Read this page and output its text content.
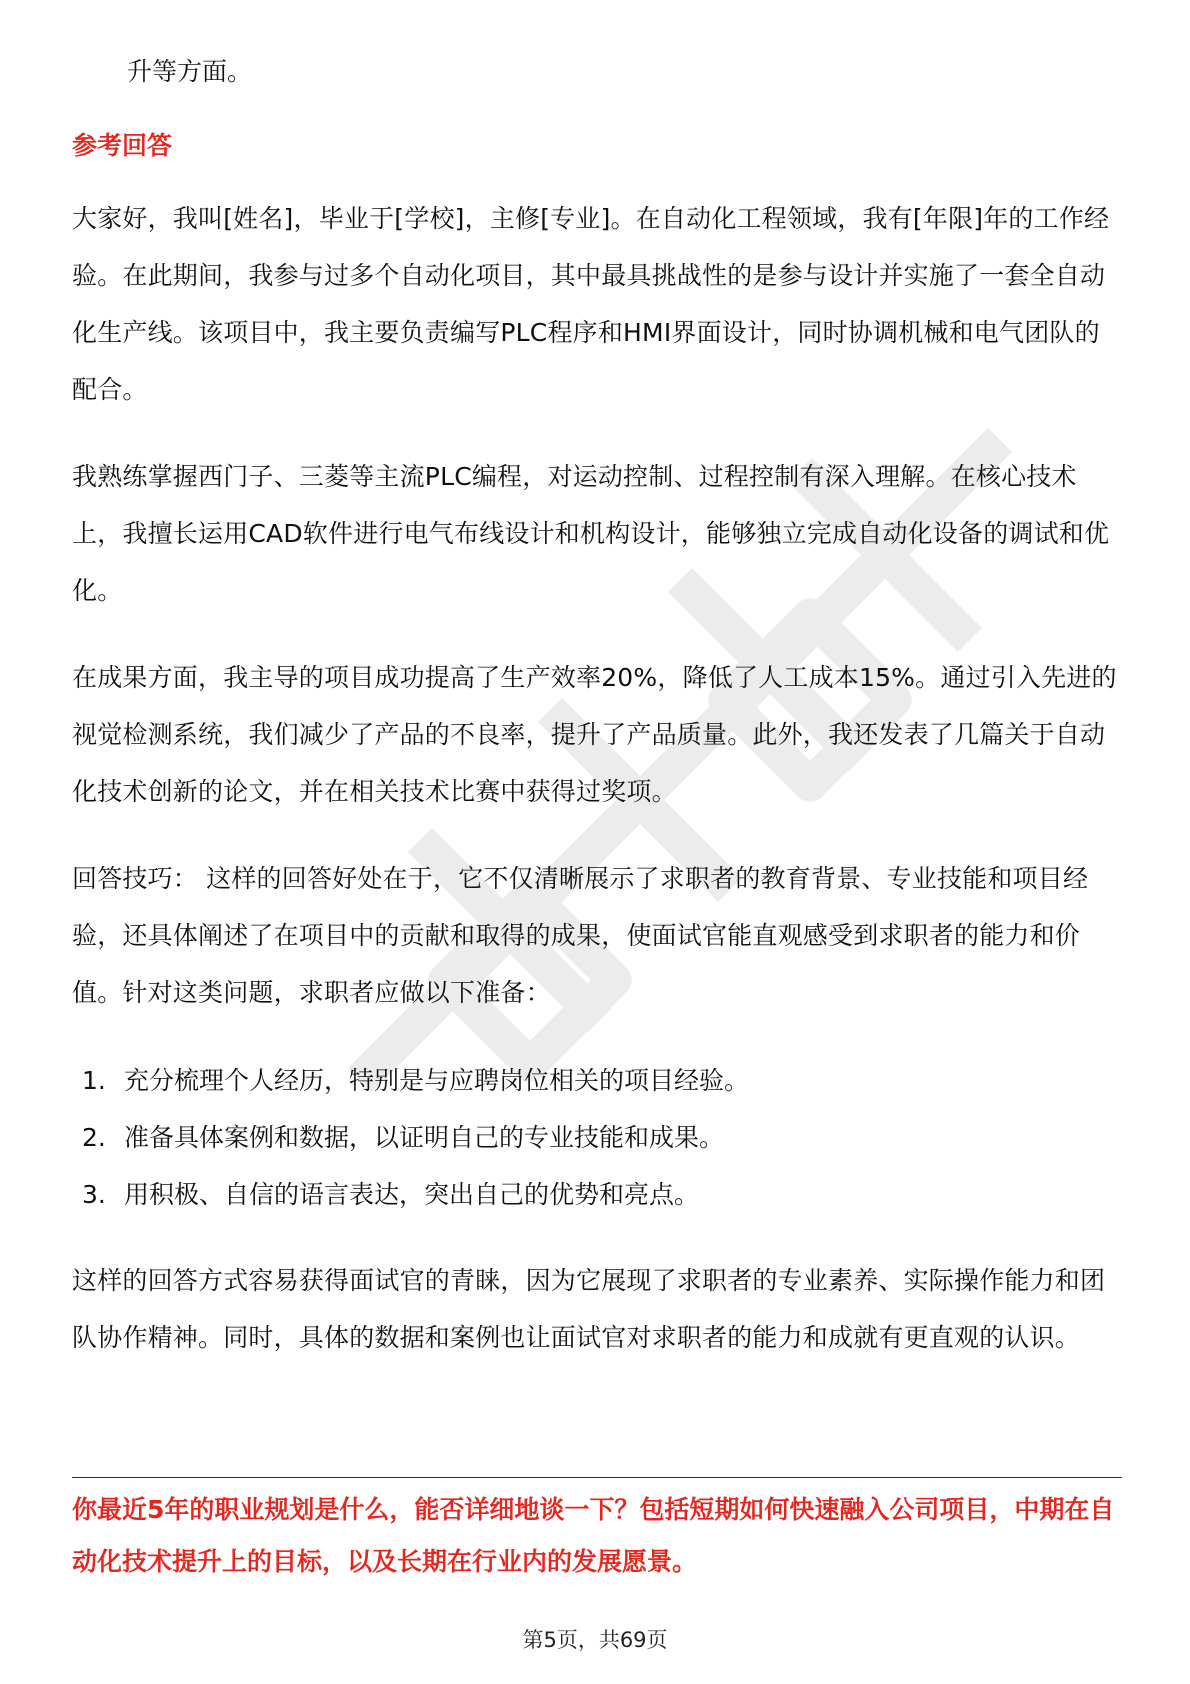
升等方面。

参考回答

大家好，我叫[姓名]，毕业于[学校]，主修[专业]。在自动化工程领域，我有[年限]年的工作经验。在此期间，我参与过多个自动化项目，其中最具挑战性的是参与设计并实施了一套全自动化生产线。该项目中，我主要负责编写PLC程序和HMI界面设计，同时协调机械和电气团队的配合。

我熟练掌握西门子、三菱等主流PLC编程，对运动控制、过程控制有深入理解。在核心技术上，我擅长运用CAD软件进行电气布线设计和机构设计，能够独立完成自动化设备的调试和优化。

在成果方面，我主导的项目成功提高了生产效率20%，降低了人工成本15%。通过引入先进的视觉检测系统，我们减少了产品的不良率，提升了产品质量。此外，我还发表了几篇关于自动化技术创新的论文，并在相关技术比赛中获得过奖项。

回答技巧： 这样的回答好处在于，它不仅清晰展示了求职者的教育背景、专业技能和项目经验，还具体阐述了在项目中的贡献和取得的成果，使面试官能直观感受到求职者的能力和价值。针对这类问题，求职者应做以下准备：

1. 充分梳理个人经历，特别是与应聘岗位相关的项目经验。
2. 准备具体案例和数据，以证明自己的专业技能和成果。
3. 用积极、自信的语言表达，突出自己的优势和亮点。

这样的回答方式容易获得面试官的青睐，因为它展现了求职者的专业素养、实际操作能力和团队协作精神。同时，具体的数据和案例也让面试官对求职者的能力和成就有更直观的认识。

你最近5年的职业规划是什么，能否详细地谈一下？包括短期如何快速融入公司项目，中期在自动化技术提升上的目标，以及长期在行业内的发展愿景。
第5页，共69页
